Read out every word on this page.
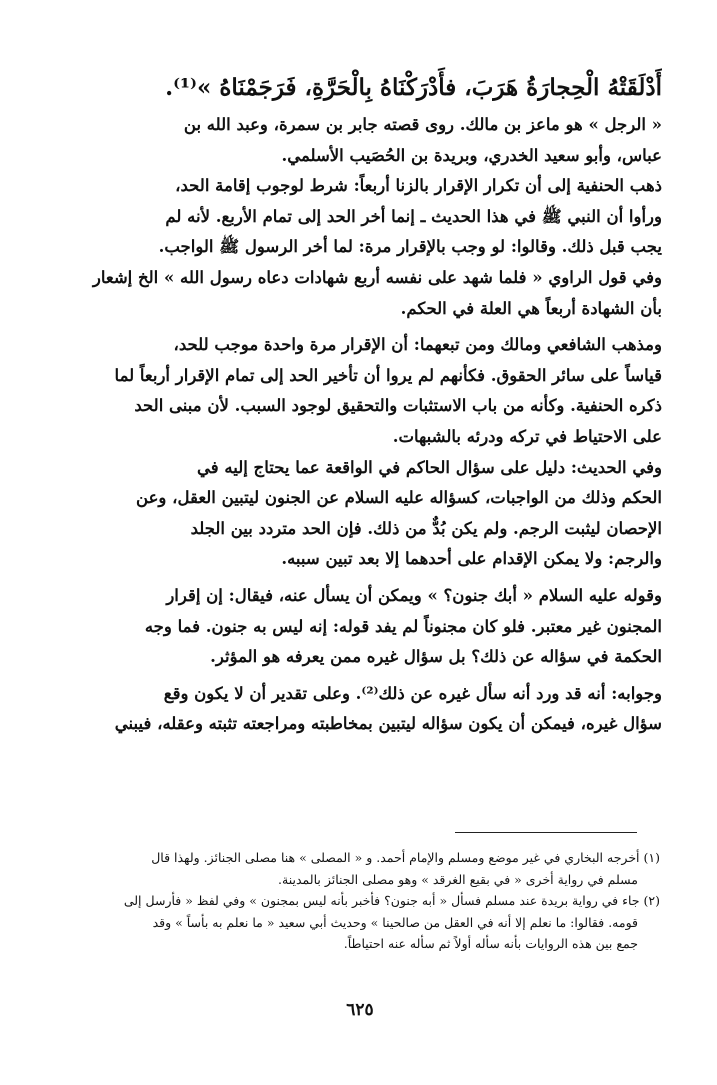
أَدْلَقَتْهُ الْحِجارَةُ هَرَبَ، فأَدْرَكْنَاهُ بِالْحَرَّةِ، فَرَجَمْنَاهُ »⁽¹⁾.
« الرجل » هو ماعز بن مالك. روى قصته جابر بن سمرة، وعبد الله بن
عباس، وأبو سعيد الخدري، وبريدة بن الحُصَيب الأسلمي.
ذهب الحنفية إلى أن تكرار الإقرار بالزنا أربعاً: شرط لوجوب إقامة الحد،
ورأوا أن النبي ﷺ في هذا الحديث ـ إنما أخر الحد إلى تمام الأربع. لأنه لم
يجب قبل ذلك. وقالوا: لو وجب بالإقرار مرة: لما أخر الرسول ﷺ الواجب.
وفي قول الراوي « فلما شهد على نفسه أربع شهادات دعاه رسول الله » الخ إشعار
بأن الشهادة أربعاً هي العلة في الحكم.
ومذهب الشافعي ومالك ومن تبعهما: أن الإقرار مرة واحدة موجب للحد،
قياساً على سائر الحقوق. فكأنهم لم يروا أن تأخير الحد إلى تمام الإقرار أربعاً لما
ذكره الحنفية. وكأنه من باب الاستثبات والتحقيق لوجود السبب. لأن مبنى الحد
على الاحتياط في تركه ودرئه بالشبهات.
وفي الحديث: دليل على سؤال الحاكم في الواقعة عما يحتاج إليه في
الحكم وذلك من الواجبات، كسؤاله عليه السلام عن الجنون ليتبين العقل، وعن
الإحصان ليثبت الرجم. ولم يكن بُدٌّ من ذلك. فإن الحد متردد بين الجلد
والرجم: ولا يمكن الإقدام على أحدهما إلا بعد تبين سببه.
وقوله عليه السلام « أبك جنون؟ » ويمكن أن يسأل عنه، فيقال: إن إقرار
المجنون غير معتبر. فلو كان مجنوناً لم يفد قوله: إنه ليس به جنون. فما وجه
الحكمة في سؤاله عن ذلك؟ بل سؤال غيره ممن يعرفه هو المؤثر.
وجوابه: أنه قد ورد أنه سأل غيره عن ذلك⁽²⁾. وعلى تقدير أن لا يكون وقع
سؤال غيره، فيمكن أن يكون سؤاله ليتبين بمخاطبته ومراجعته تثبته وعقله، فيبني
(١) أخرجه البخاري في غير موضع ومسلم والإمام أحمد. و « المصلى » هنا مصلى الجنائز. ولهذا قال
مسلم في رواية أخرى « في بقيع الغرقد » وهو مصلى الجنائز بالمدينة.
(٢) جاء في رواية بريدة عند مسلم فسأل « أبه جنون؟ فأخبر بأنه ليس بمجنون » وفي لفظ « فأرسل إلى
قومه. فقالوا: ما نعلم إلا أنه في العقل من صالحينا » وحديث أبي سعيد « ما نعلم به بأساً » وقد
جمع بين هذه الروايات بأنه سأله أولاً ثم سأله عنه احتياطاً.
٦٢٥
